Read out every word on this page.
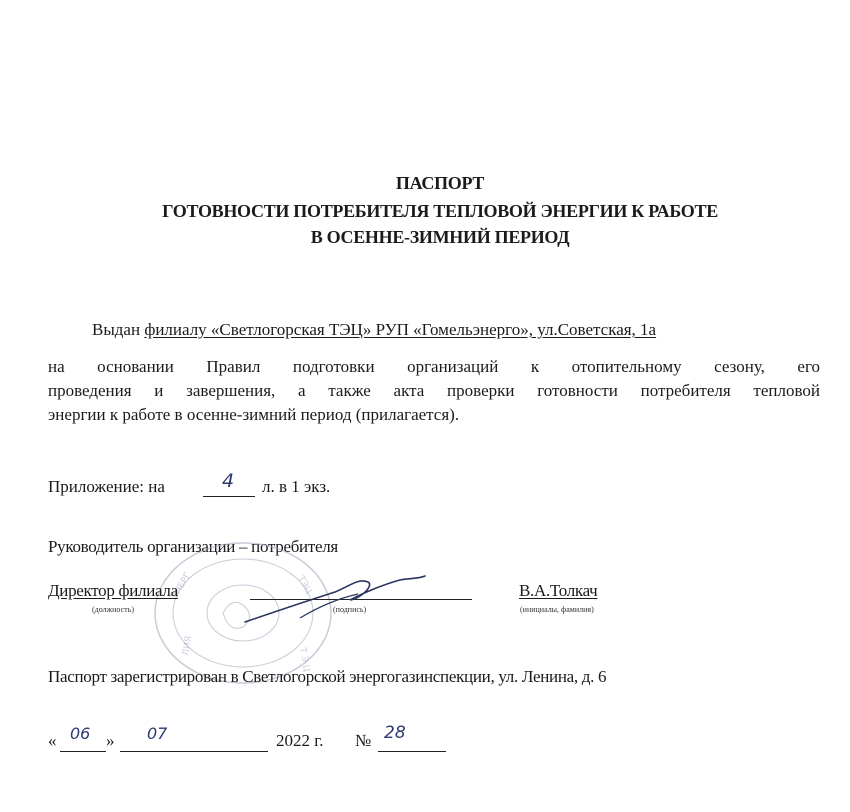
ПАСПОРТ
ГОТОВНОСТИ ПОТРЕБИТЕЛЯ ТЕПЛОВОЙ ЭНЕРГИИ К РАБОТЕ
В ОСЕННЕ-ЗИМНИЙ ПЕРИОД
Выдан филиалу «Светлогорская ТЭЦ» РУП «Гомельэнерго», ул.Советская, 1а
на основании Правил подготовки организаций к отопительному сезону, его
проведения и завершения, а также акта проверки готовности потребителя тепловой
энергии к работе в осенне-зимний период (прилагается).
Приложение: на	4 л. в 1 экз.
Руководитель организации – потребителя
ЭНЕРГ	ТЭЦ
Т Э Ц
ЛИЯ
Директор филиала
(должность)	(подпись)
В.А.Толкач
(инициалы, фамилия)
Паспорт зарегистрирован в Светлогорской энергогазинспекции, ул. Ленина, д. 6
« 06 » 07	2022 г. № 28
